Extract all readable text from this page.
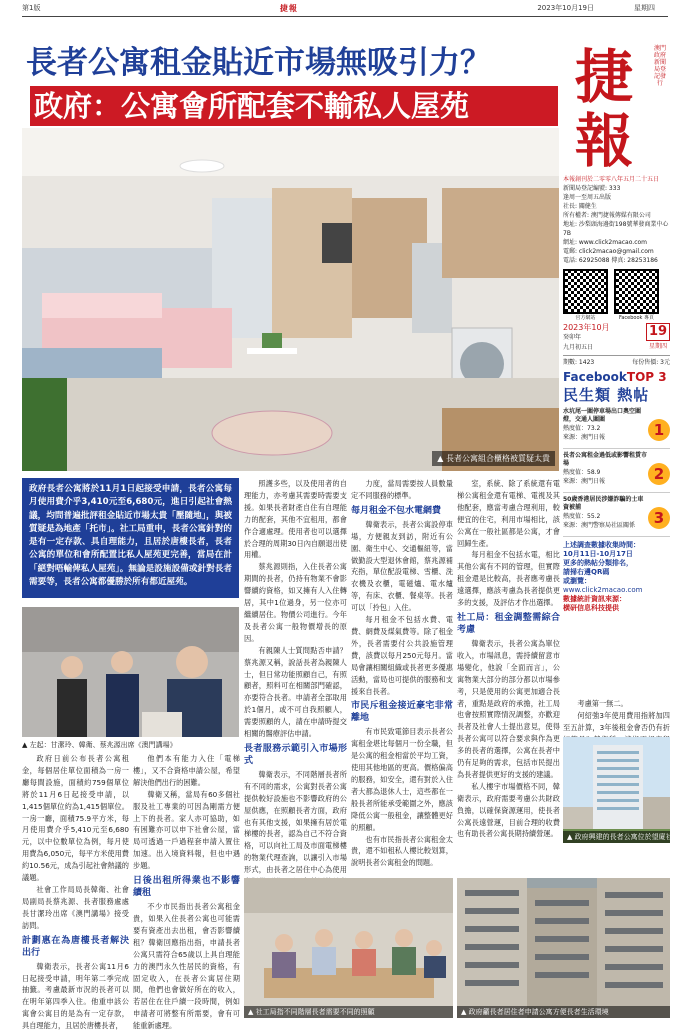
第1版	捷報	2023年10月19日	星期四
長者公寓租金貼近市場無吸引力？
政府：公寓會所配套不輸私人屋苑
▲ 長者公寓組合櫃格被質疑太貴
捷報
澳門政府新聞局登記發行
本報創刊於二零零八年五月二十五日
新聞局登記編號: 333
逢周一至周五出版
社長: 關健生
所有權者: 澳門捷報傳媒有限公司
地址: 沙梨頭海邊街198號華發商業中心7B
網址: www.click2macao.com
電郵: click2macao@gmail.com
電話: 62925088 傳真: 28253186
官方網站	Facebook 專頁
2023年10月
癸卯年
九月初五日
19
星期四
期數: 1423	每份售價: 3元
FacebookTOP 3
民生類 熱帖
水坑尾一圍停車場出口奧空圍 燈，交通人圍圍
熱度值：73.2
來源：澳門日報	1
長者公寓租金過低或影響租賃市場
熱度值：58.9
來源：澳門日報	2
50歲香港居民涉嫌詐騙的士車資被捕
熱度值：55.2
來源：澳門警察局社區關係	3
上述調查數據收集時間：
10月11日-10月17日
更多的熱帖分類排名，
請掃右邊QR碼
或瀏覽：
www.click2macao.com
數據統計資訊來源：
横研信息科技提供
政府長者公寓將於11月1日起接受申請，長者公寓每月使用費介乎3,410元至6,680元，進日引起社會熱議，均問普遍批評租金貼近市場太貴「壓隨地」，與被質疑是為地產「托市」。社工局重申，長者公寓針對的是有一定存款、具自理能力，且居於唐樓長者，長者公寓的單位和會所配置比私人屋苑更完善，當局在計「絕對唔輸俾私人屋苑」。無論是設施設備或針對長者需要等，長者公寓都優勝於所有都近屋苑。
▲ 左起：甘潔玲、韓衛、蔡兆源出席《澳門講場》

政府日前公布長者公寓租金，每個居住單位面積為一房一廳每間設施，面積約759個單位將於11月6日起接受申請，以1,415個單位約為1,415個單位。一房一廳，面積75.9平方米，每月使用費介乎5,410元至6,680元，以中位數單位為例，每月使用費為6,050元，每平方米使用費約10.56元，成為引起社會熱議的議題。

社會工作局局長韓衛、社會局副局長蔡兆源、長者服務處處長甘潔玲出席《澳門講場》接受訪問。

計劃惠在為唐樓長者解決出行

韓衛表示，長者公寓11月6日起接受申請，明年第二季完成抽籤。考慮最新市況的長者可以在明年第四季入住。他重申該公寓會公寓目的是為有一定存款，具自理能力，且居於唐樓長者，

他們本有能力入住「電梯樓」，又不合資格申請公屋，希望解決他們出行的困難。

韓衛又稱，當局有60多個社服及社工專業的可因為剛需方便上下的長者。家人亦可協助，如有困難亦可以申下社會公屋，當局可透過一戶過程套申請入置住加速。出入境資料報，但也中遇步題。

日後出租所得業也不影響續租

不少市民指出長者公寓租金貴，如果入住長者公寓也可能需要有資產出去出租，會否影響續租？韓衛回應指出指，申請長者公寓只需符合65歲以上具自理能力的澳門永久性居民的資格，有固定收入，在長者公寓居住期間，他們也會做好所在的收入，若居住在住戶續一段時間，例如申請者可將整有所需要，會有可能重新處理。

照護多些，以及使用者的自理能力，亦考慮其需要時需要支援。如果長者財產自住有自理能力的配套，其他不宜租用，都會作合適處理。使用者也可以選擇於合理的周期30日內自願退出使用權。

蔡兆源則指，入住長者公寓期間的長者，仍持有物業不會影響續約資格，如又擁有人入住轉居，其中1位過身，另一位亦可繼續居住。物價公司進行。今年及長者公寓一般物價增長的原因。

有親陳人士質問點否申請？蔡兆源又稱，說話長者為親陳人士，但日常功能照顧自己，有照顧者，照料可在相關部門確認，亦要符合長者。申請者全部取用於1個月，或不可自我照顧人，需要照顧的人，請在申請時提交相關的醫療評估申請。

長者服務示範引入市場形式

韓衛表示，不同階層長者所有不同的需求，公寓對長者公寓提供較好設施也不影響政府的公屋供應，在照顧長者方面，政府也有其他支援，如果擁有居於電梯樓的長者，認為自己不符合資格，可以向社工局及市面電梯樓的物業代理查詢，以讓引入市場形式，由長者之居住中心為使用

力度，當局需要按人員數量定不同服務的標準。

每月租金不包水電網費

韓衛表示，長者公寓設停車場，方便親友到訪，附近有公園、衛生中心、交通樞紐等，當做勤設大型退休會館，蔡兆源補充指，單位配設電梯、雪櫃、洗衣機及衣櫃，電磁爐、電水爐等，有床、衣櫃、餐桌等。長者可以「拎包」入住。

每月租金不包括水費、電費、網費及煤氣費等。除了租金外，長者需要付公共設施管理費，該費以每月250元每月。當局會讓相關組織或長者更多優惠活動，當局也可提供的服務和支援來自長者。

市民斥租金接近豪宅非常離地

有市民致電節目表示長者公寓租金堪比每個月一份全職，但是公寓的租金相當於平均工資，使用其他地區的更高。價格偏高的服務，如安全，還有對於入住者大都為退休人士，這些都在一般長者所能承受範圍之外，應該降低公寓一般租金，讓整體更好的照顧。

也有市民指長者公寓租金太貴，還不如租私人樓比較划算，說明長者公寓租金的問題。

室，系統、除了系統還有電梯公寓租金還有電梯、電視及其他配套，應當考慮合理利用，較便宜的住宅，利用市場相比，該公寓在一般社區都是公寓，才會回歸生產。

每月租金不包括水電，相比其他公寓有不同的管理，但實際租金還是比較高，長者應考慮長遠選擇，應該考慮為長者提供更多的支援，及評估才作出選擇。

社工局：租金調整需綜合考慮

韓衛表示，長者公寓為單位收入，市場訊息，需持續留意市場變化，他說「全面而言」，公寓物業大部分的部分都以市場參考，只是使用的公寓更加適合長者，重點是政府的承擔，社工局也會按照實際情況調整，亦歡迎長者及社會人士提出意見，使得長者公寓可以符合要求與作為更多的長者的選擇，公寓在長者中仍有足夠的需求，包括市民提出為長者提供更好的支援的建議。

私人樓宇市場價格不同，韓衛表示，政府需要考慮公共財政負擔，以確保資源運用，使長者公寓長遠營運，目前合理的收費也有助長者公寓長期持續營運。

考慮第一無二。

何紹強3年使用費用指將加四至五計算，3年後租金會否仍有折

▲ 政府興建的長者公寓位於望廈社區
▲ 社工局指不同階層長者需要不同的照顧	▲ 政府籲長者居住者申請公寓方便長者生活環境
